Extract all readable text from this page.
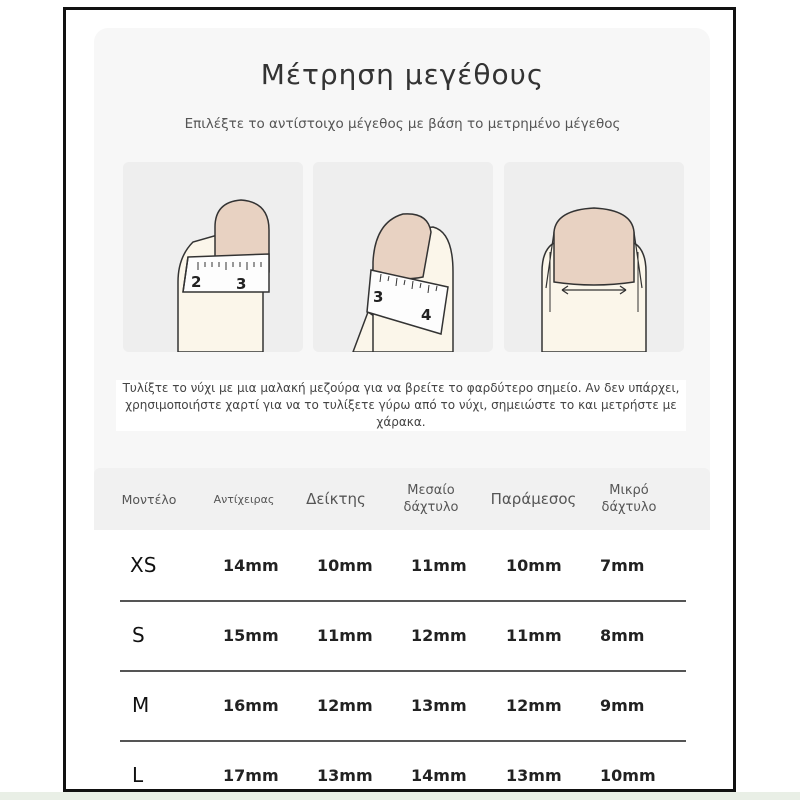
Μέτρηση μεγέθους
Επιλέξτε το αντίστοιχο μέγεθος με βάση το μετρημένο μέγεθος
2 3
3
4
Τυλίξτε το νύχι με μια μαλακή μεζούρα για να βρείτε το φαρδύτερο σημείο. Αν δεν υπάρχει, χρησιμοποιήστε χαρτί για να το τυλίξετε γύρω από το νύχι, σημειώστε το και μετρήστε με χάρακα.
Μοντέλο	Αντίχειρας	Δείκτης	Μεσαίο δάχτυλο	Παράμεσος	Μικρό δάχτυλο
XS	14mm 10mm 11mm 10mm 7mm
S	15mm 11mm 12mm 11mm 8mm
M	16mm 12mm 13mm 12mm 9mm
L	17mm 13mm 14mm 13mm 10mm
